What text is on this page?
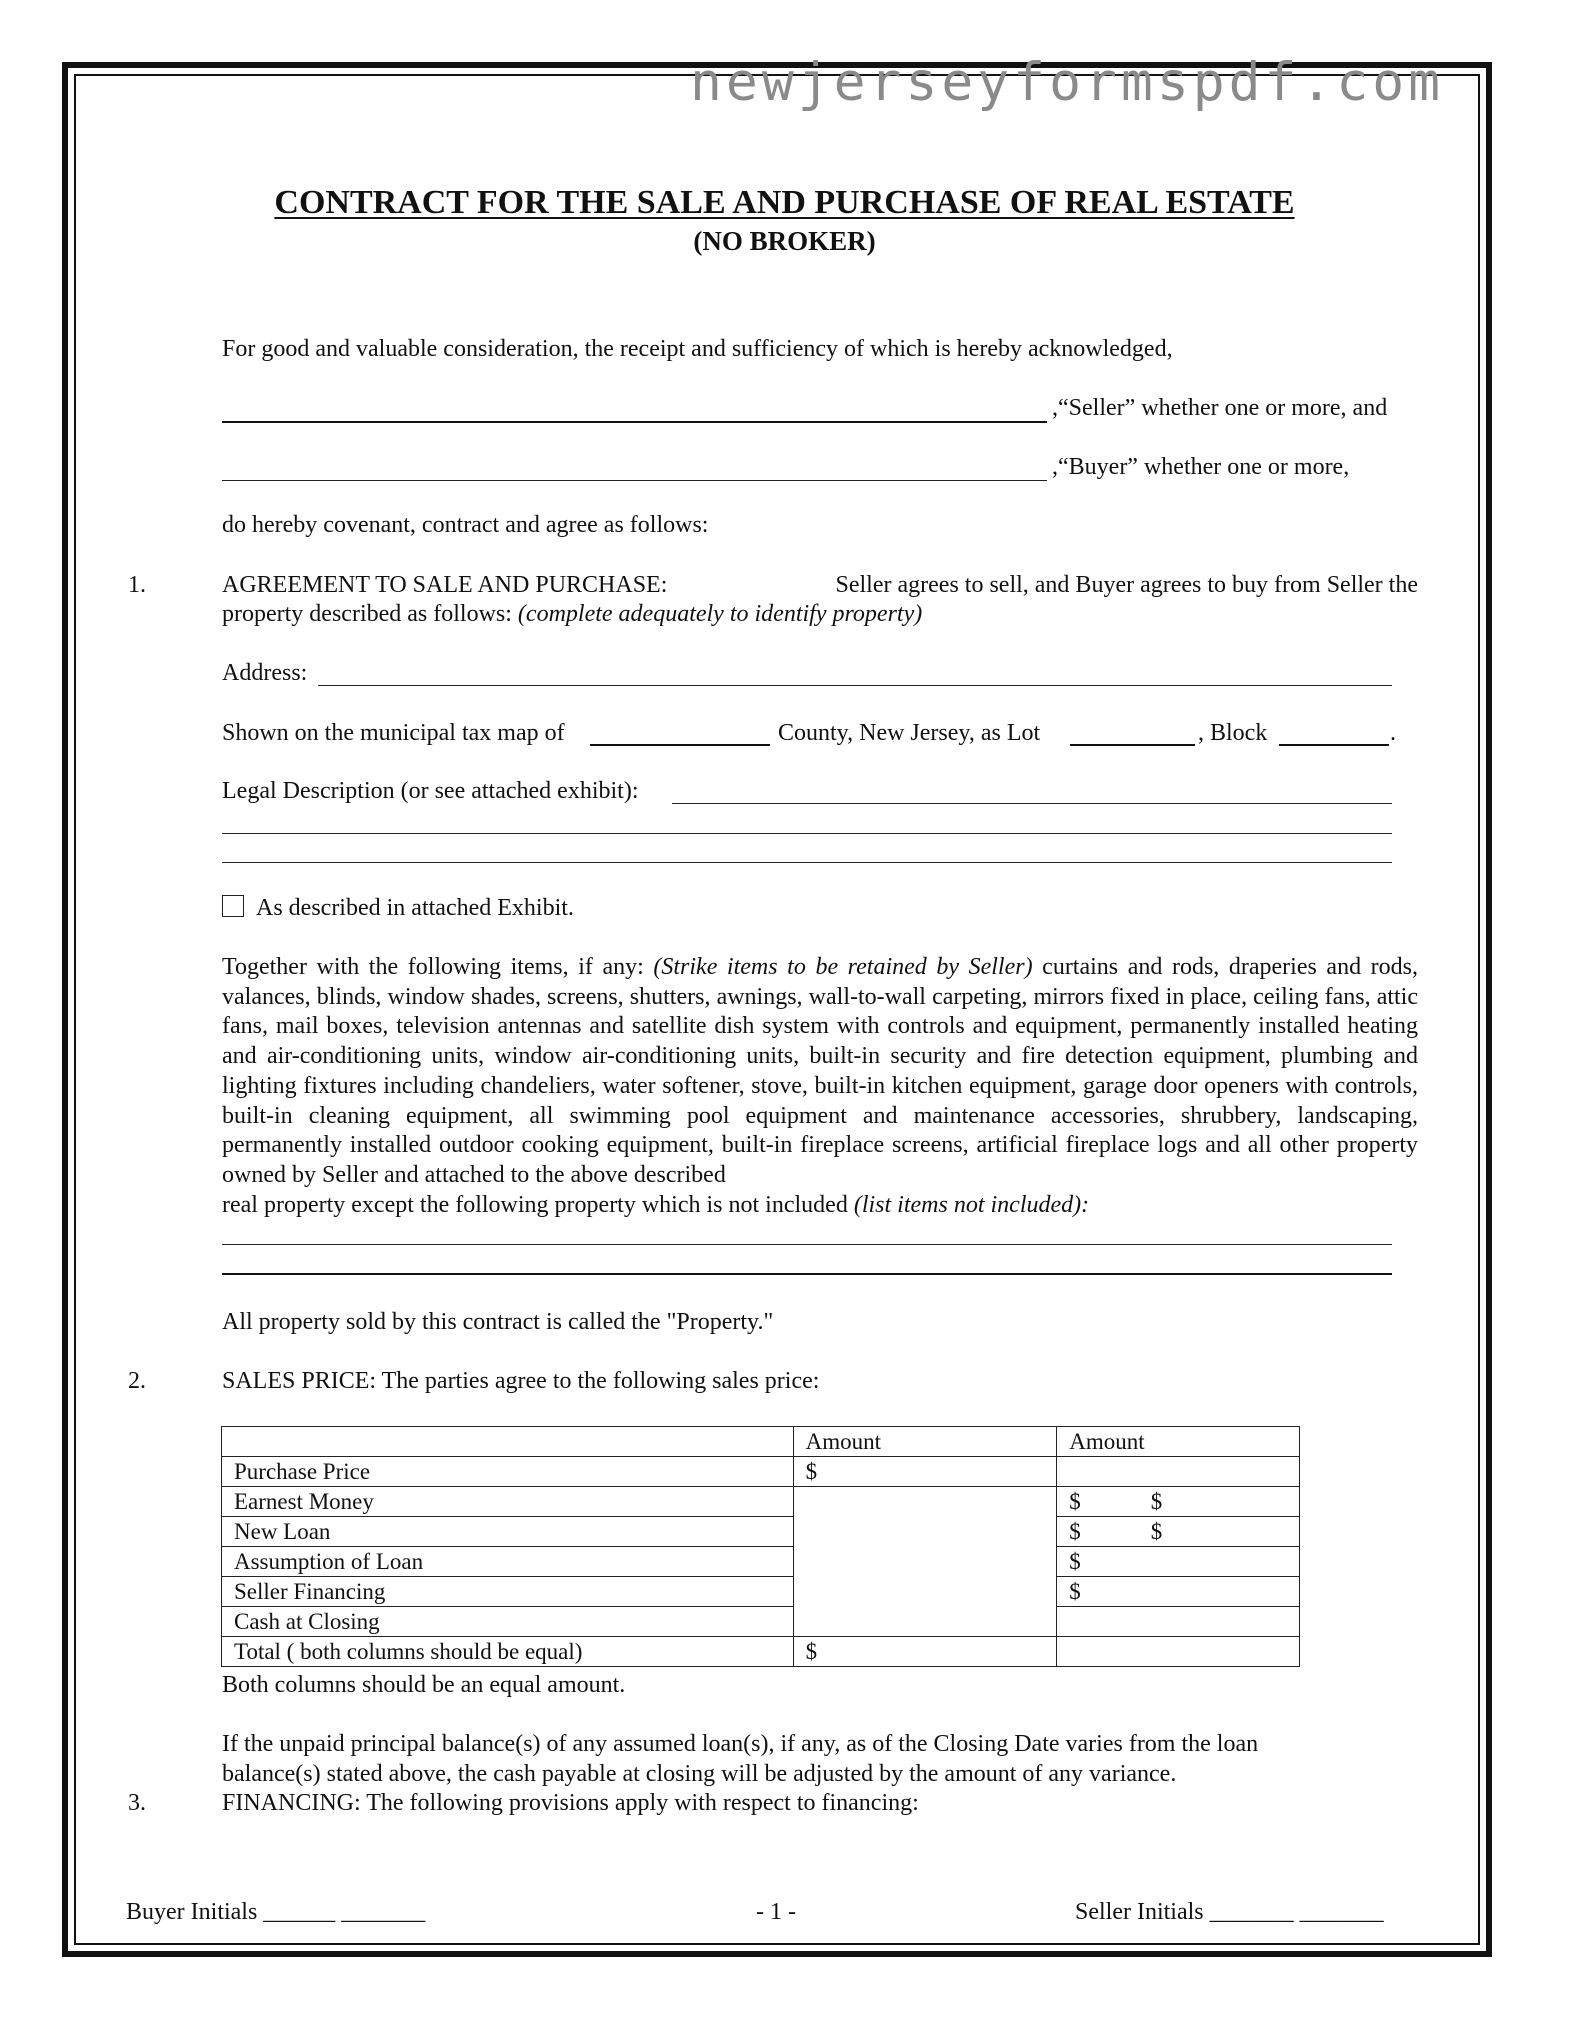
newjerseyformspdf.com
CONTRACT FOR THE SALE AND PURCHASE OF REAL ESTATE
(NO BROKER)
For good and valuable consideration, the receipt and sufficiency of which is hereby acknowledged,
,“Seller” whether one or more, and
,“Buyer” whether one or more,
do hereby covenant, contract and agree as follows:
1.	AGREEMENT TO SALE AND PURCHASE:	Seller agrees to sell, and Buyer agrees to buy from Seller the
property described as follows: (complete adequately to identify property)
Address:
Shown on the municipal tax map of	County, New Jersey, as Lot	, Block	.
Legal Description (or see attached exhibit):
As described in attached Exhibit.
Together with the following items, if any: (Strike items to be retained by Seller) curtains and rods, draperies and rods, valances, blinds, window shades, screens, shutters, awnings, wall-to-wall carpeting, mirrors fixed in place, ceiling fans, attic fans, mail boxes, television antennas and satellite dish system with controls and equipment, permanently installed heating and air-conditioning units, window air-conditioning units, built-in security and fire detection equipment, plumbing and lighting fixtures including chandeliers, water softener, stove, built-in kitchen equipment, garage door openers with controls, built-in cleaning equipment, all swimming pool equipment and maintenance accessories, shrubbery, landscaping, permanently installed outdoor cooking equipment, built-in fireplace screens, artificial fireplace logs and all other property owned by Seller and attached to the above described
real property except the following property which is not included (list items not included):
All property sold by this contract is called the "Property."
2.	SALES PRICE: The parties agree to the following sales price:
	Amount	Amount
Purchase Price	$	
Earnest Money		$ $
New Loan		$ $
Assumption of Loan		$
Seller Financing		$
Cash at Closing		
Total ( both columns should be equal)	$	
Both columns should be an equal amount.
If the unpaid principal balance(s) of any assumed loan(s), if any, as of the Closing Date varies from the loan
balance(s) stated above, the cash payable at closing will be adjusted by the amount of any variance.
3.	FINANCING: The following provisions apply with respect to financing:
Buyer Initials ______ _______	- 1 -	Seller Initials _______ _______
